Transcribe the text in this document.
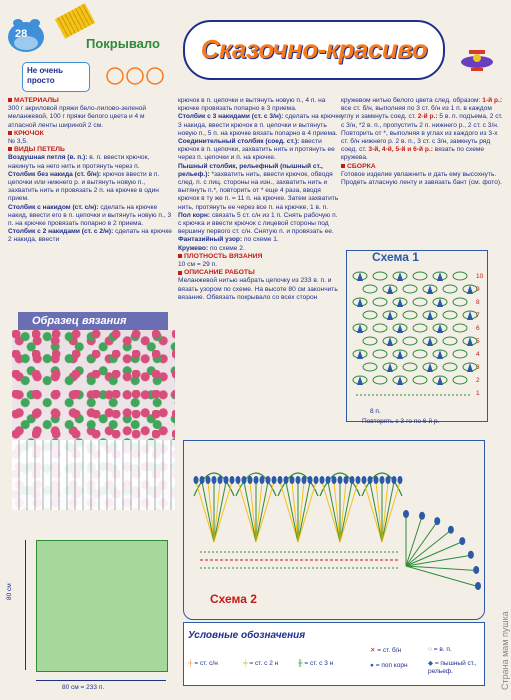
28
Покрывало
Не очень просто
Сказочно-красиво

МАТЕРИАЛЫ

300 г акриловой пряжи бело-лилово-зеленой меланжевой, 100 г пряжи белого цвета и 4 м атласной ленты шириной 2 см.

КРЮЧОК

№ 3,5.

ВИДЫ ПЕТЕЛЬ

Воздушная петля (в. п.): в. п. ввести крючок, накинуть на него нить и протянуть через п.

Столбик без накида (ст. б/н): крючок ввести в п. цепочки или нижнего р. и вытянуть новую п., захватить нить и провязать 2 п. на крючке в один прием.

Столбик с накидом (ст. с/н): сделать на крючке накид, ввести его в п. цепочки и вытянуть новую п., 3 п. на крючке провязать попарно в 2 приема.

Столбик с 2 накидами (ст. с 2/н): сделать на крючке 2 накида, ввести

Образец вязания
80 см = 233 п.
80 см

крючок в п. цепочки и вытянуть новую п., 4 п. на крючке провязать попарно в 3 приема.

Столбик с 3 накидами (ст. с 3/н): сделать на крючке 3 накида, ввести крючок в п. цепочки и вытянуть новую п., 5 п. на крючке вязать попарно в 4 приема.

Соединительный столбик (соед. ст.): ввести крючок в п. цепочки, захватить нить и протянуть ее через п. цепочки и п. на крючке.

Пышный столбик, рельефный (пышный ст., рельеф.): *захватить нить, ввести крючок, обводя след. п. с лиц. стороны на изн., захватить нить и вытянуть п.*, повторить от * еще 4 раза, вводя крючок в ту же п. = 11 п. на крючке. Затем захватить нить, протянуть ее через все п. на крючке, 1 в. п.

Пол корн: связать 5 ст. с/н из 1 п. Снять рабочую п. с крючка и ввести крючок с лицевой стороны под вершину первого ст. с/н. Снятую п. и провязать ее.

Фантазийный узор: по схеме 1.

Кружево: по схеме 2.

ПЛОТНОСТЬ ВЯЗАНИЯ

10 см = 29 п.

ОПИСАНИЕ РАБОТЫ

Меланжевой нитью набрать цепочку из 233 в. п. и вязать узором по схеме. На высоте 80 см закончить вязание. Обвязать покрывало со всех сторон

кружевом нитью белого цвета след. образом: 1-й р.: все ст. б/н, выполняя по 3 ст. б/н из 1 п. в каждом углу и замкнуть соед. ст. 2-й р.: 5 в. п. подъема, 2 ст. с 3/н, *2 в. п., пропустить 2 п. нижнего р., 2 ст. с 3/н. Повторить от *, выполняя в углах из каждого из 3-х ст. б/н нижнего р. 2 в. п., 3 ст. с 3/н, замкнуть ряд соед. ст. 3-й, 4-й, 5-й и 6-й р.: вязать по схеме кружева.

СБОРКА

Готовое изделие увлажнить и дать ему высохнуть. Продеть атласную ленту и завязать бант (см. фото).

Схема 1
10
9
8
7
6
5
4
3
2
1
8 п.
Повторять с 3-го по 6-й р.
Схема 2
Условные обозначения
┼ = ст. с/н	╪ = ст. с 2 н	╫ = ст. с 3 н
✕ = ст. б/н
● = поп корн
○ = в. п.
◆ = пышный ст., рельеф.	Страна мам пушка
